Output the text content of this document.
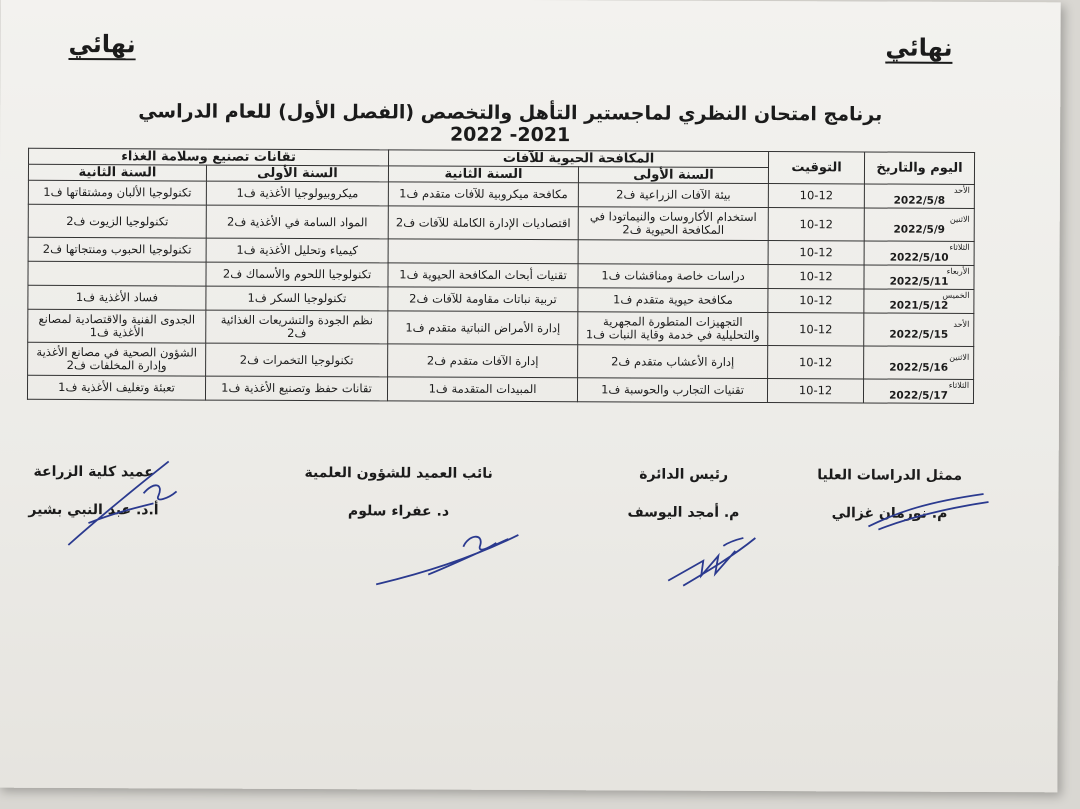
نهائي	نهائي
برنامج امتحان النظري لماجستير التأهل والتخصص (الفصل الأول) للعام الدراسي 2021- 2022
اليوم والتاريخ	التوقيت	المكافحة الحيوية للآفات		تقانات تصنيع وسلامة الغذاء	
		السنة الأولى	السنة الثانية	السنة الأولى	السنة الثانية

الأحد
2022/5/8	10-12	بيئة الآفات الزراعية ف2	مكافحة ميكروبية للآفات متقدم ف1	ميكروبيولوجيا الأغذية ف1	تكنولوجيا الألبان ومشتقاتها ف1

الاثنين
2022/5/9	10-12	استخدام الأكاروسات والنيماتودا في المكافحة الحيوية ف2	اقتصاديات الإدارة الكاملة للآفات ف2	المواد السامة في الأغذية ف2	تكنولوجيا الزيوت ف2

الثلاثاء
2022/5/10	10-12			كيمياء وتحليل الأغذية ف1	تكنولوجيا الحبوب ومنتجاتها ف2

الأربعاء
2022/5/11	10-12	دراسات خاصة ومناقشات ف1	تقنيات أبحاث المكافحة الحيوية ف1	تكنولوجيا اللحوم والأسماك ف2	

الخميس
2021/5/12	10-12	مكافحة حيوية متقدم ف1	تربية نباتات مقاومة للآفات ف2	تكنولوجيا السكر ف1	فساد الأغذية ف1

الأحد
2022/5/15	10-12	التجهيزات المتطورة المجهرية والتحليلية في خدمة وقاية النبات ف1	إدارة الأمراض النباتية متقدم ف1	نظم الجودة والتشريعات الغذائية ف2	الجدوى الفنية والاقتصادية لمصانع الأغذية ف1

الاثنين
2022/5/16	10-12	إدارة الأعشاب متقدم ف2	إدارة الآفات متقدم ف2	تكنولوجيا التخمرات ف2	الشؤون الصحية في مصانع الأغذية وإدارة المخلفات ف2

الثلاثاء
2022/5/17	10-12	تقنيات التجارب والحوسبة ف1	المبيدات المتقدمة ف1	تقانات حفظ وتصنيع الأغذية ف1	تعبئة وتغليف الأغذية ف1
ممثل الدراسات العليا
م. نورمان غزالي
رئيس الدائرة
م. أمجد اليوسف
نائب العميد للشؤون العلمية
د. عفراء سلوم
عميد كلية الزراعة
أ.د. عبد النبي بشير
